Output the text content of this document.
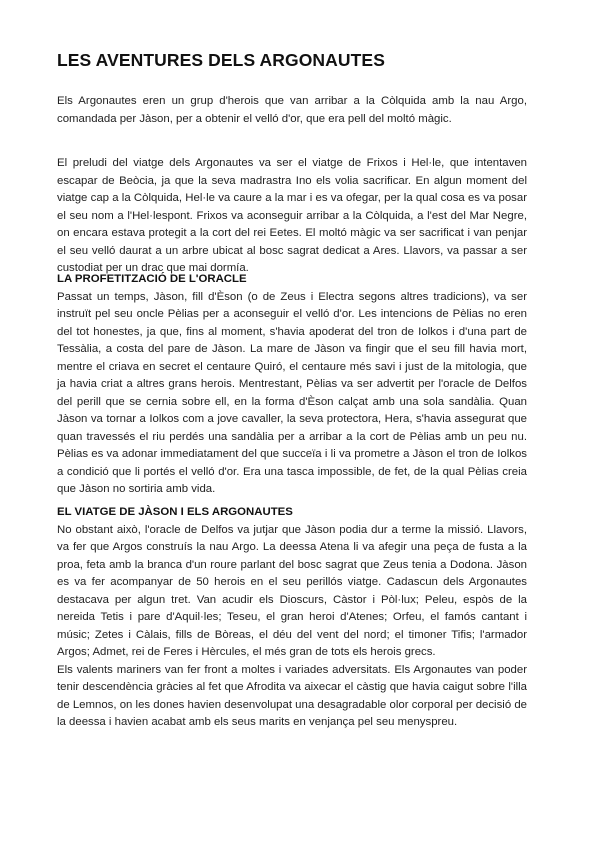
LES AVENTURES DELS ARGONAUTES

Els Argonautes eren un grup d'herois que van arribar a la Còlquida amb la nau Argo, comandada per Jàson, per a obtenir el velló d'or, que era pell del moltó màgic.

El preludi del viatge dels Argonautes va ser el viatge de Frixos i Hel·le, que intentaven escapar de Beòcia, ja que la seva madrastra Ino els volia sacrificar. En algun moment del viatge cap a la Còlquida, Hel·le va caure a la mar i es va ofegar, per la qual cosa es va posar el seu nom a l'Hel·lespont. Frixos va aconseguir arribar a la Còlquida, a l'est del Mar Negre, on encara estava protegit a la cort del rei Eetes. El moltó màgic va ser sacrificat i van penjar el seu velló daurat a un arbre ubicat al bosc sagrat dedicat a Ares. Llavors, va passar a ser custodiat per un drac que mai dormía.

LA PROFETITZACIÓ DE L'ORACLE

Passat un temps, Jàson, fill d'Èson (o de Zeus i Electra segons altres tradicions), va ser instruït pel seu oncle Pèlias per a aconseguir el velló d'or. Les intencions de Pèlias no eren del tot honestes, ja que, fins al moment, s'havia apoderat del tron de Iolkos i d'una part de Tessàlia, a costa del pare de Jàson. La mare de Jàson va fingir que el seu fill havia mort, mentre el criava en secret el centaure Quiró, el centaure més savi i just de la mitologia, que ja havia criat a altres grans herois. Mentrestant, Pèlias va ser advertit per l'oracle de Delfos del perill que se cernia sobre ell, en la forma d'Èson calçat amb una sola sandàlia. Quan Jàson va tornar a Iolkos com a jove cavaller, la seva protectora, Hera, s'havia assegurat que quan travessés el riu perdés una sandàlia per a arribar a la cort de Pèlias amb un peu nu. Pèlias es va adonar immediatament del que succeïa i li va prometre a Jàson el tron de Iolkos a condició que li portés el velló d'or. Era una tasca impossible, de fet, de la qual Pèlias creia que Jàson no sortiria amb vida.

EL VIATGE DE JÀSON I ELS ARGONAUTES

No obstant això, l'oracle de Delfos va jutjar que Jàson podia dur a terme la missió. Llavors, va fer que Argos construís la nau Argo. La deessa Atena li va afegir una peça de fusta a la proa, feta amb la branca d'un roure parlant del bosc sagrat que Zeus tenia a Dodona. Jàson es va fer acompanyar de 50 herois en el seu perillós viatge. Cadascun dels Argonautes destacava per algun tret. Van acudir els Dioscurs, Càstor i Pòl·lux; Peleu, espòs de la nereida Tetis i pare d'Aquil·les; Teseu, el gran heroi d'Atenes; Orfeu, el famós cantant i músic; Zetes i Càlais, fills de Bòreas, el déu del vent del nord; el timoner Tifis; l'armador Argos; Admet, rei de Feres i Hèrcules, el més gran de tots els herois grecs.

Els valents mariners van fer front a moltes i variades adversitats. Els Argonautes van poder tenir descendència gràcies al fet que Afrodita va aixecar el càstig que havia caigut sobre l'illa de Lemnos, on les dones havien desenvolupat una desagradable olor corporal per decisió de la deessa i havien acabat amb els seus marits en venjança pel seu menyspreu.
